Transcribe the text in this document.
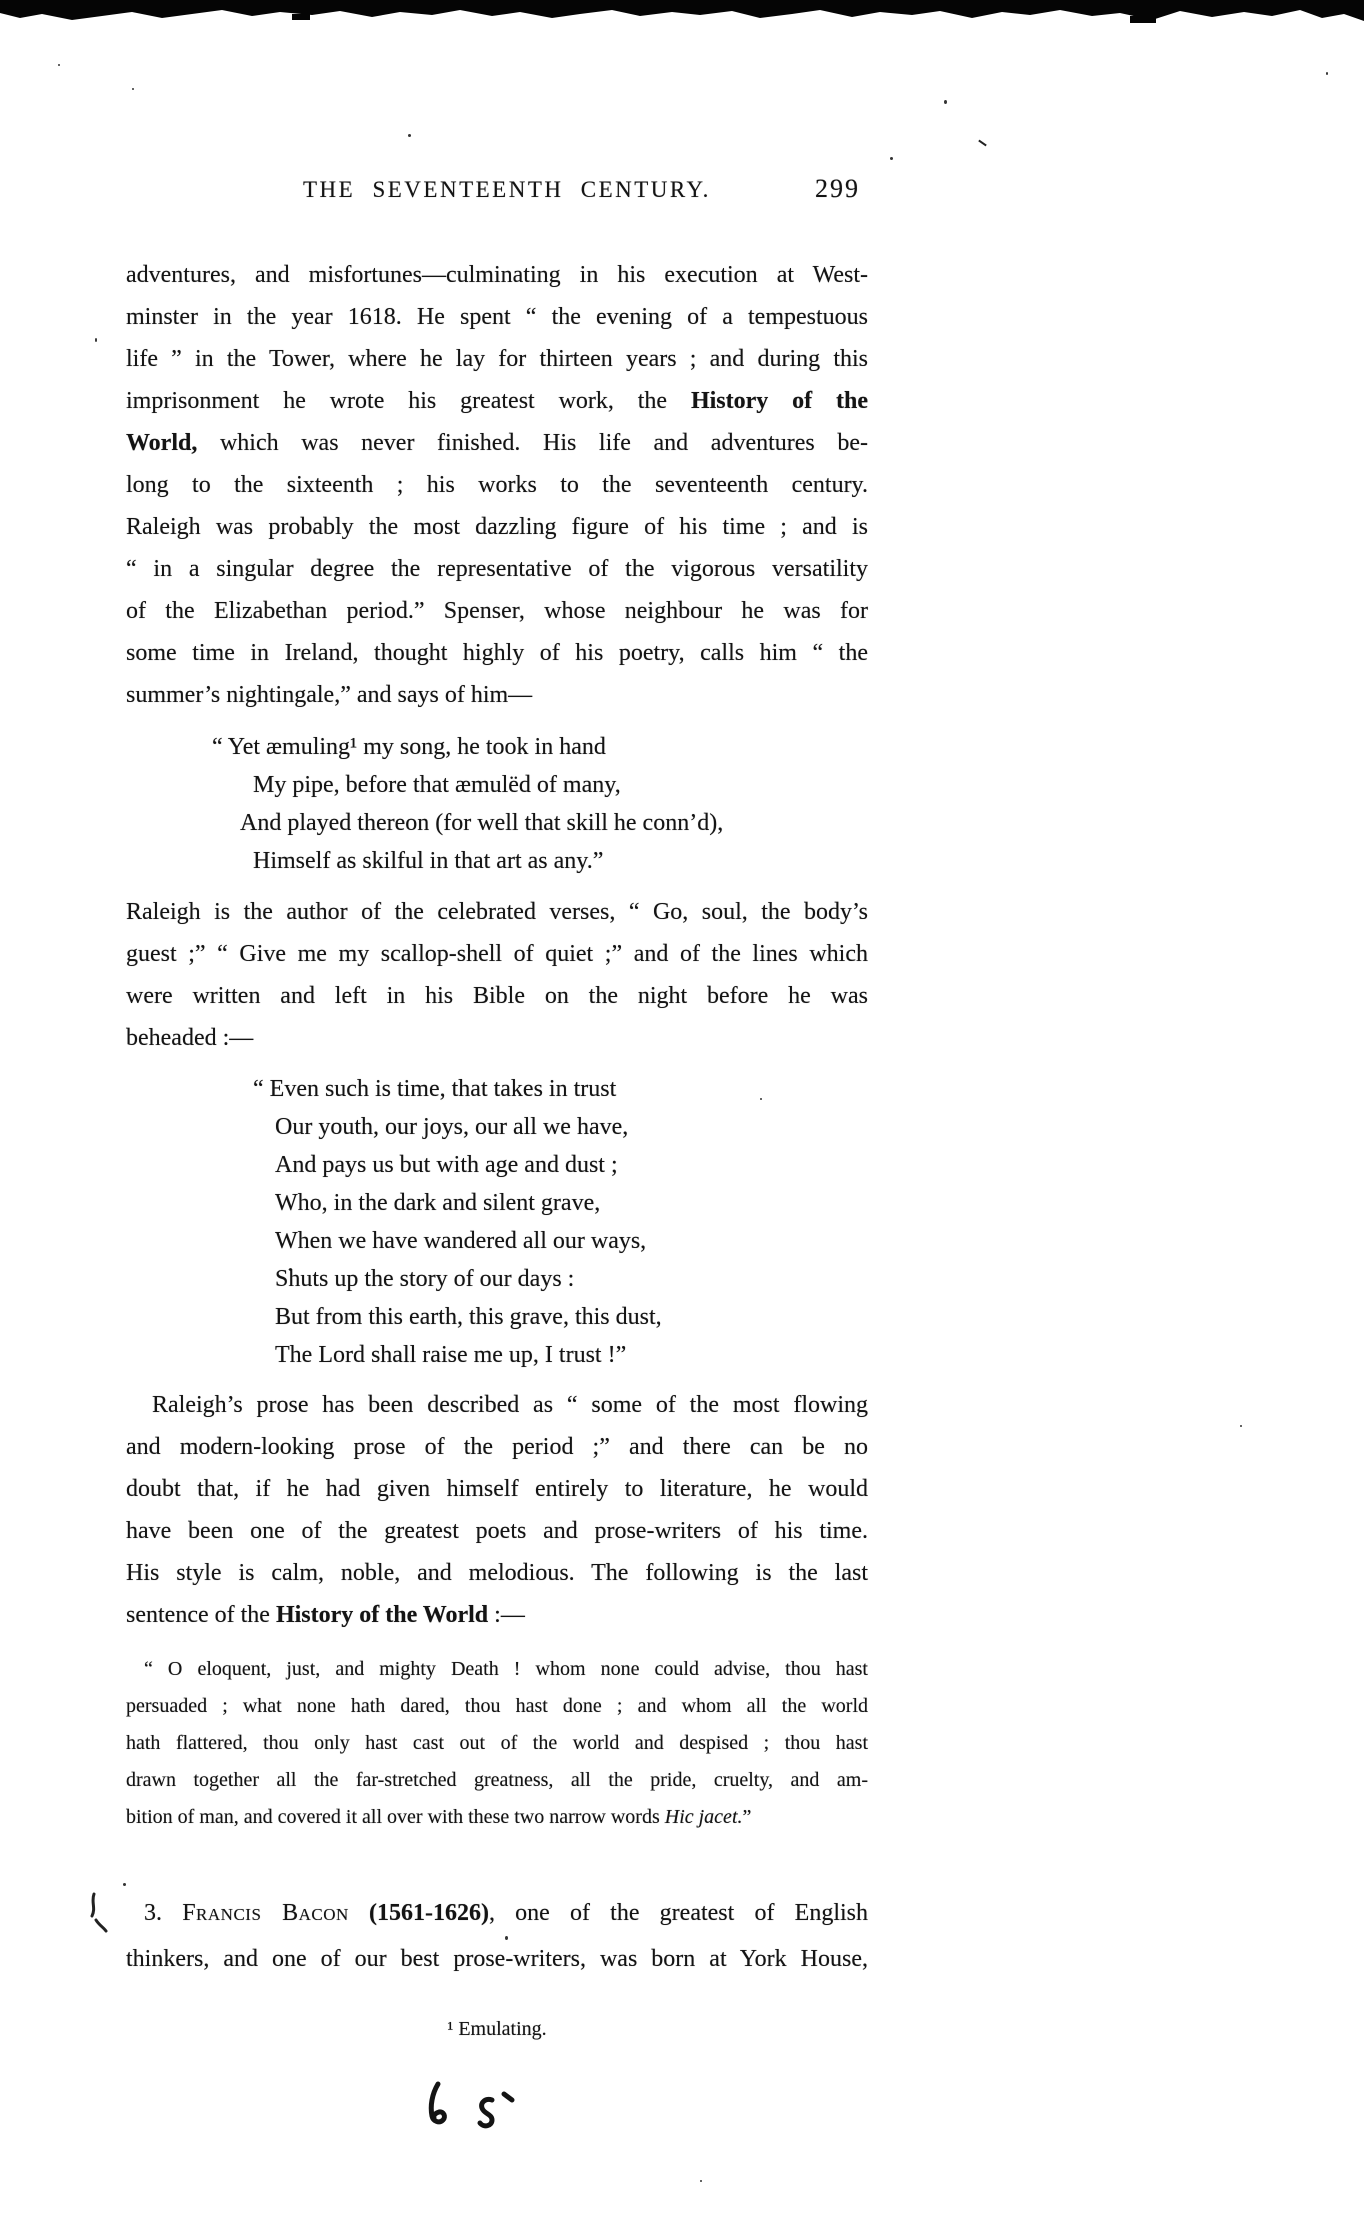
THE SEVENTEENTH CENTURY.	299
adventures, and misfortunes—culminating in his execution at West-
minster in the year 1618. He spent “ the evening of a tempestuous
life ” in the Tower, where he lay for thirteen years ; and during this
imprisonment he wrote his greatest work, the History of the
World, which was never finished. His life and adventures be-
long to the sixteenth ; his works to the seventeenth century.
Raleigh was probably the most dazzling figure of his time ; and is
“ in a singular degree the representative of the vigorous versatility
of the Elizabethan period.” Spenser, whose neighbour he was for
some time in Ireland, thought highly of his poetry, calls him “ the
summer’s nightingale,” and says of him—
“ Yet æmuling¹ my song, he took in hand
My pipe, before that æmulëd of many,
And played thereon (for well that skill he conn’d),
Himself as skilful in that art as any.”
Raleigh is the author of the celebrated verses, “ Go, soul, the body’s
guest ;” “ Give me my scallop-shell of quiet ;” and of the lines which
were written and left in his Bible on the night before he was
beheaded :—
“ Even such is time, that takes in trust
Our youth, our joys, our all we have,
And pays us but with age and dust ;
Who, in the dark and silent grave,
When we have wandered all our ways,
Shuts up the story of our days :
But from this earth, this grave, this dust,
The Lord shall raise me up, I trust !”
Raleigh’s prose has been described as “ some of the most flowing
and modern-looking prose of the period ;” and there can be no
doubt that, if he had given himself entirely to literature, he would
have been one of the greatest poets and prose-writers of his time.
His style is calm, noble, and melodious. The following is the last
sentence of the History of the World :—
“ O eloquent, just, and mighty Death ! whom none could advise, thou hast
persuaded ; what none hath dared, thou hast done ; and whom all the world
hath flattered, thou only hast cast out of the world and despised ; thou hast
drawn together all the far-stretched greatness, all the pride, cruelty, and am-
bition of man, and covered it all over with these two narrow words Hic jacet.”
3. Francis Bacon (1561-1626), one of the greatest of English
thinkers, and one of our best prose-writers, was born at York House,
¹ Emulating.
